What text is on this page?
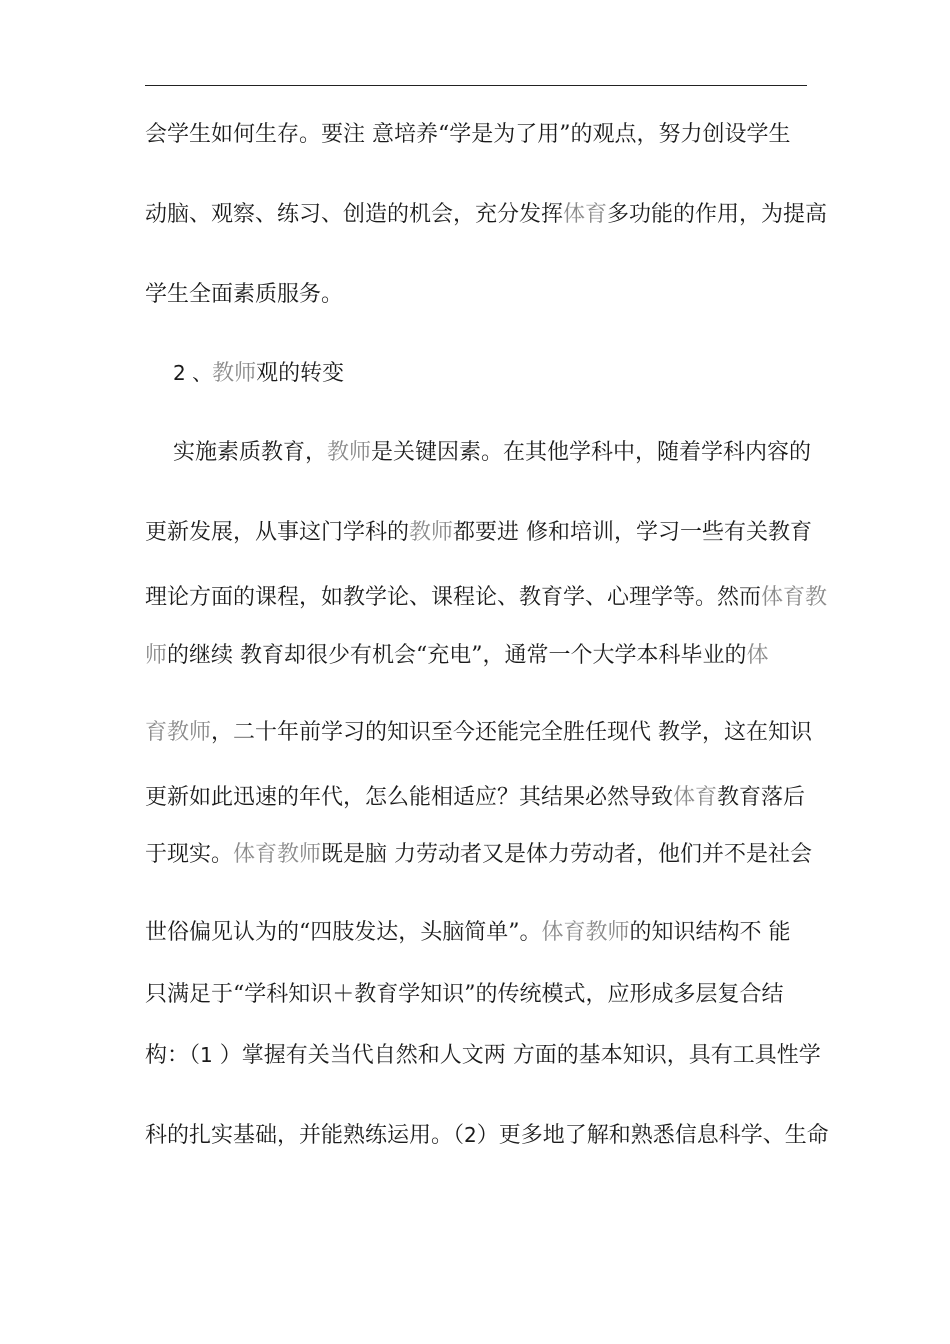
会学生如何生存。要注 意培养“学是为了用”的观点，努力创设学生
动脑、观察、练习、创造的机会，充分发挥体育多功能的作用，为提高
学生全面素质服务。
2 、教师观的转变
实施素质教育，教师是关键因素。在其他学科中，随着学科内容的
更新发展，从事这门学科的教师都要进 修和培训，学习一些有关教育
理论方面的课程，如教学论、课程论、教育学、心理学等。然而体育教
师的继续 教育却很少有机会“充电”，通常一个大学本科毕业的体
育教师，二十年前学习的知识至今还能完全胜任现代 教学，这在知识
更新如此迅速的年代，怎么能相适应？其结果必然导致体育教育落后
于现实。体育教师既是脑 力劳动者又是体力劳动者，他们并不是社会
世俗偏见认为的“四肢发达，头脑简单”。体育教师的知识结构不 能
只满足于“学科知识＋教育学知识”的传统模式，应形成多层复合结
构：（1 ）掌握有关当代自然和人文两 方面的基本知识，具有工具性学
科的扎实基础，并能熟练运用。（2）更多地了解和熟悉信息科学、生命
